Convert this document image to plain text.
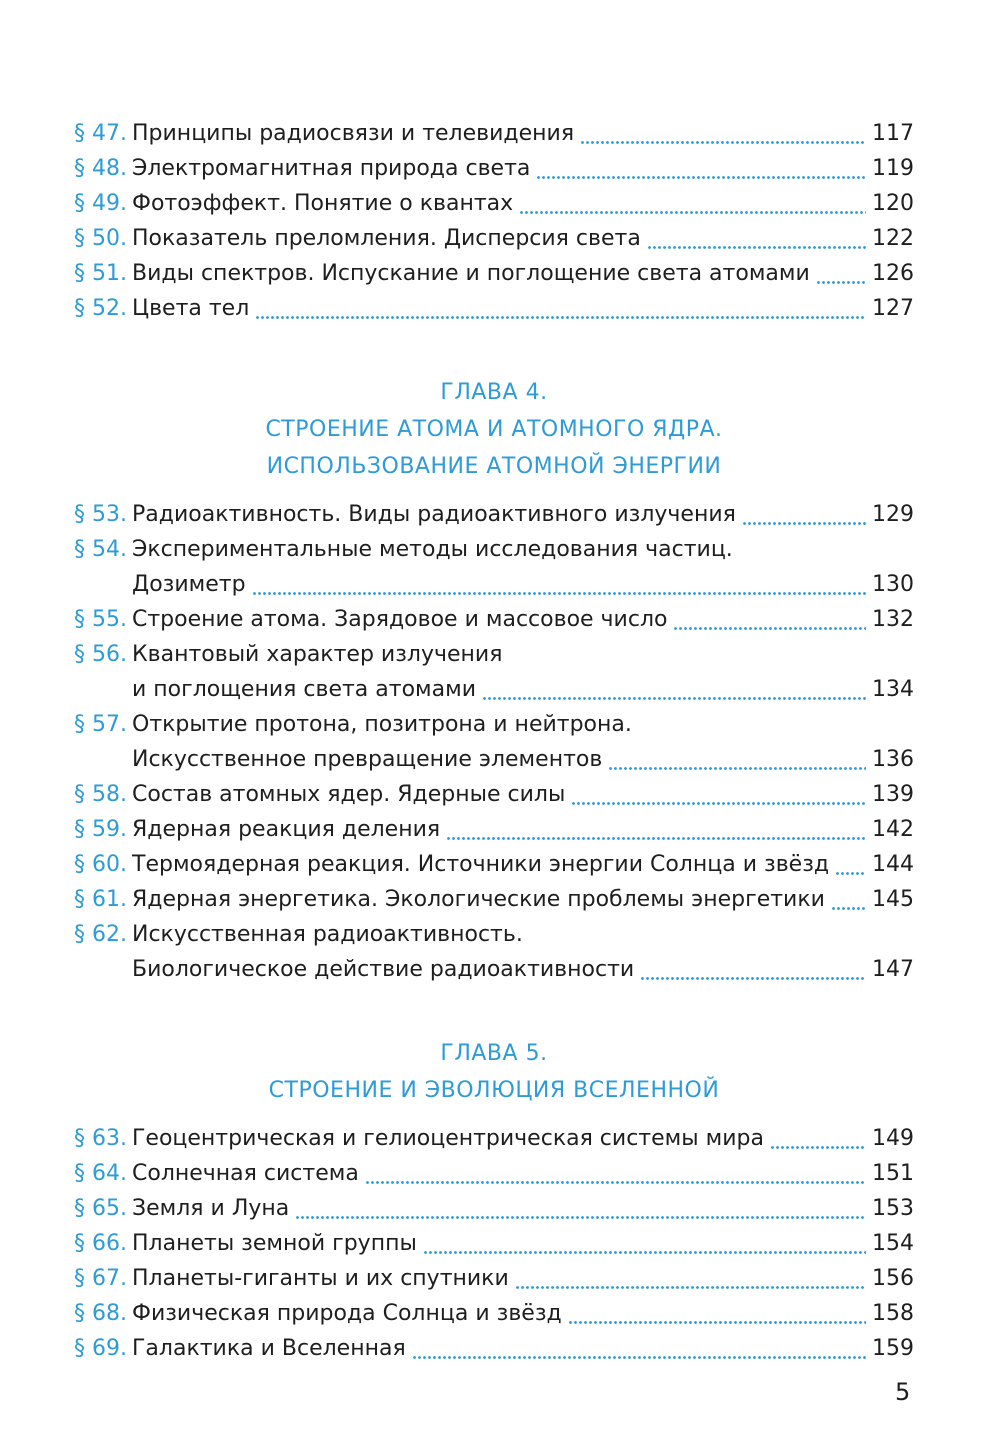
§ 47. Принципы радиосвязи и телевидения	117
§ 48. Электромагнитная природа света	119
§ 49. Фотоэффект. Понятие о квантах	120
§ 50. Показатель преломления. Дисперсия света	122
§ 51. Виды спектров. Испускание и поглощение света атомами	126
§ 52. Цвета тел	127
ГЛАВА 4.
СТРОЕНИЕ АТОМА И АТОМНОГО ЯДРА.
ИСПОЛЬЗОВАНИЕ АТОМНОЙ ЭНЕРГИИ
§ 53. Радиоактивность. Виды радиоактивного излучения	129
§ 54. Экспериментальные методы исследования частиц.
Дозиметр	130
§ 55. Строение атома. Зарядовое и массовое число	132
§ 56. Квантовый характер излучения
и поглощения света атомами	134
§ 57. Открытие протона, позитрона и нейтрона.
Искусственное превращение элементов	136
§ 58. Состав атомных ядер. Ядерные силы	139
§ 59. Ядерная реакция деления	142
§ 60. Термоядерная реакция. Источники энергии Солнца и звёзд 144
§ 61. Ядерная энергетика. Экологические проблемы энергетики 145
§ 62. Искусственная радиоактивность.
Биологическое действие радиоактивности	147
ГЛАВА 5.
СТРОЕНИЕ И ЭВОЛЮЦИЯ ВСЕЛЕННОЙ
§ 63. Геоцентрическая и гелиоцентрическая системы мира	149
§ 64. Солнечная система	151
§ 65. Земля и Луна	153
§ 66. Планеты земной группы	154
§ 67. Планеты-гиганты и их спутники	156
§ 68. Физическая природа Солнца и звёзд	158
§ 69. Галактика и Вселенная	159
5
